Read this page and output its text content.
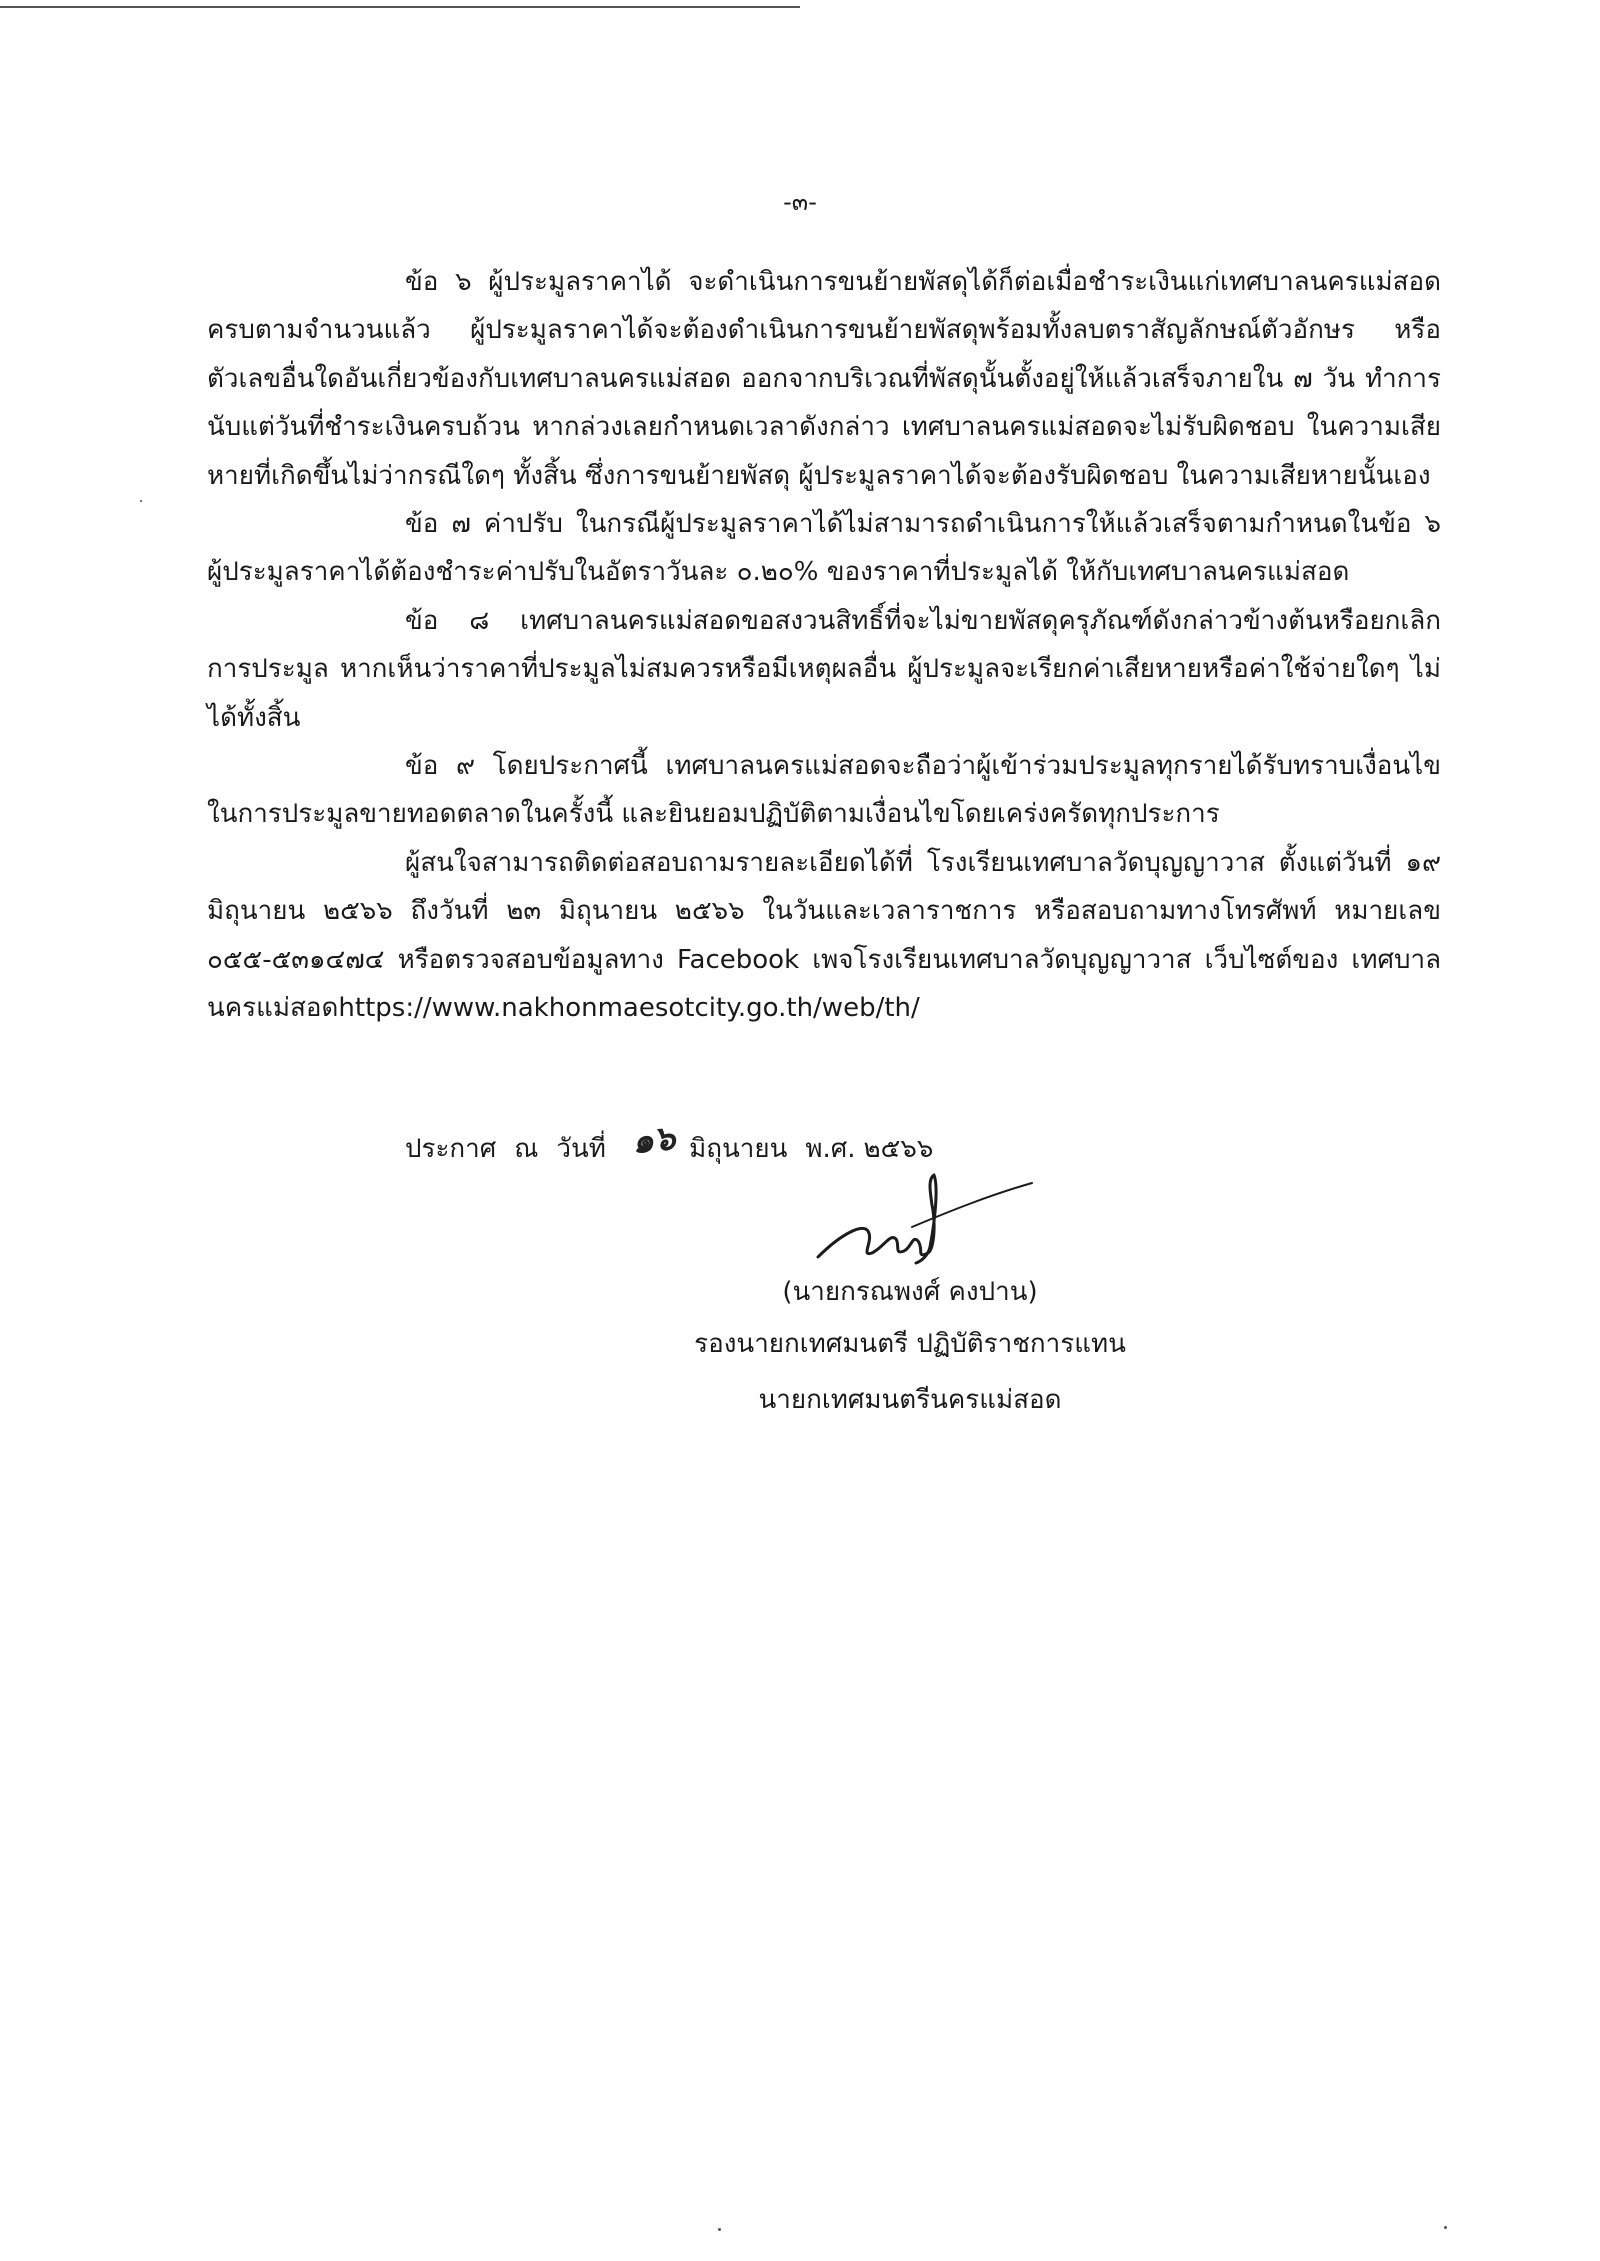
-๓-

ข้อ ๖ ผู้ประมูลราคาได้ จะดำเนินการขนย้ายพัสดุได้ก็ต่อเมื่อชำระเงินแก่เทศบาลนครแม่สอด ครบตามจำนวนแล้ว ผู้ประมูลราคาได้จะต้องดำเนินการขนย้ายพัสดุพร้อมทั้งลบตราสัญลักษณ์ตัวอักษร หรือตัวเลขอื่นใดอันเกี่ยวข้องกับเทศบาลนครแม่สอด ออกจากบริเวณที่พัสดุนั้นตั้งอยู่ให้แล้วเสร็จภายใน ๗ วัน ทำการนับแต่วันที่ชำระเงินครบถ้วน หากล่วงเลยกำหนดเวลาดังกล่าว เทศบาลนครแม่สอดจะไม่รับผิดชอบ ในความเสียหายที่เกิดขึ้นไม่ว่ากรณีใดๆ ทั้งสิ้น ซึ่งการขนย้ายพัสดุ ผู้ประมูลราคาได้จะต้องรับผิดชอบ ในความเสียหายนั้นเอง

ข้อ ๗ ค่าปรับ ในกรณีผู้ประมูลราคาได้ไม่สามารถดำเนินการให้แล้วเสร็จตามกำหนดในข้อ ๖ ผู้ประมูลราคาได้ต้องชำระค่าปรับในอัตราวันละ ๐.๒๐% ของราคาที่ประมูลได้ ให้กับเทศบาลนครแม่สอด

ข้อ ๘ เทศบาลนครแม่สอดขอสงวนสิทธิ์ที่จะไม่ขายพัสดุครุภัณฑ์ดังกล่าวข้างต้นหรือยกเลิก การประมูล หากเห็นว่าราคาที่ประมูลไม่สมควรหรือมีเหตุผลอื่น ผู้ประมูลจะเรียกค่าเสียหายหรือค่าใช้จ่ายใดๆ ไม่ได้ทั้งสิ้น

ข้อ ๙ โดยประกาศนี้ เทศบาลนครแม่สอดจะถือว่าผู้เข้าร่วมประมูลทุกรายได้รับทราบเงื่อนไข ในการประมูลขายทอดตลาดในครั้งนี้ และยินยอมปฏิบัติตามเงื่อนไขโดยเคร่งครัดทุกประการ

ผู้สนใจสามารถติดต่อสอบถามรายละเอียดได้ที่ โรงเรียนเทศบาลวัดบุญญาวาส ตั้งแต่วันที่ ๑๙ มิถุนายน ๒๕๖๖ ถึงวันที่ ๒๓ มิถุนายน ๒๕๖๖ ในวันและเวลาราชการ หรือสอบถามทางโทรศัพท์ หมายเลข ๐๕๕-๕๓๑๔๗๔ หรือตรวจสอบข้อมูลทาง Facebook เพจโรงเรียนเทศบาลวัดบุญญาวาส เว็บไซต์ของ เทศบาลนครแม่สอดhttps://www.nakhonmaesotcity.go.th/web/th/

ประกาศ ณ วันที่ ๑๖ มิถุนายน พ.ศ. ๒๕๖๖
(นายกรณพงศ์ คงปาน)
รองนายกเทศมนตรี ปฏิบัติราชการแทน
นายกเทศมนตรีนครแม่สอด
